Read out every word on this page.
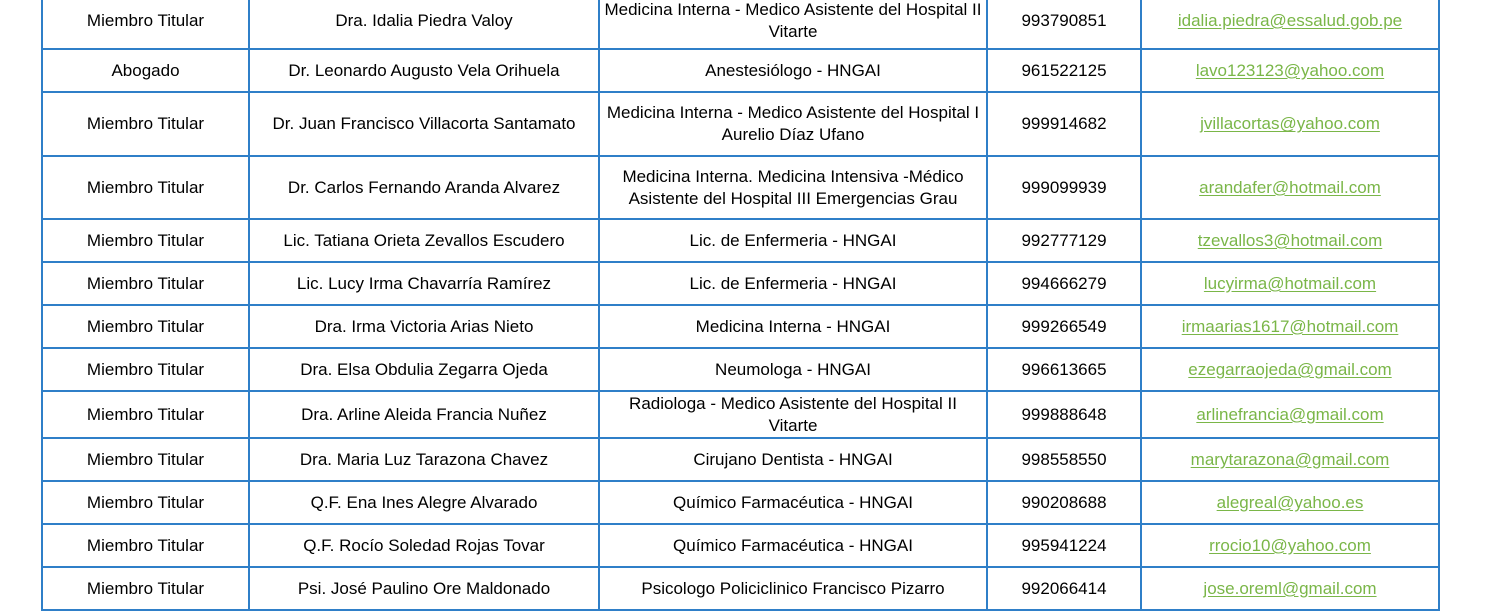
Miembro Titular	Dra. Idalia Piedra Valoy	Medicina Interna - Medico Asistente del Hospital II Vitarte	993790851	idalia.piedra@essalud.gob.pe
Abogado	Dr. Leonardo Augusto Vela Orihuela	Anestesiólogo - HNGAI	961522125	lavo123123@yahoo.com
Miembro Titular	Dr. Juan Francisco Villacorta Santamato	Medicina Interna - Medico Asistente del Hospital I Aurelio Díaz Ufano	999914682	jvillacortas@yahoo.com
Miembro Titular	Dr. Carlos Fernando Aranda Alvarez	Medicina Interna. Medicina Intensiva -Médico Asistente del Hospital III Emergencias Grau	999099939	arandafer@hotmail.com
Miembro Titular	Lic. Tatiana Orieta Zevallos Escudero	Lic. de Enfermeria - HNGAI	992777129	tzevallos3@hotmail.com
Miembro Titular	Lic. Lucy Irma Chavarría Ramírez	Lic. de Enfermeria - HNGAI	994666279	lucyirma@hotmail.com
Miembro Titular	Dra. Irma Victoria Arias Nieto	Medicina Interna - HNGAI	999266549	irmaarias1617@hotmail.com
Miembro Titular	Dra. Elsa Obdulia Zegarra Ojeda	Neumologa - HNGAI	996613665	ezegarraojeda@gmail.com
Miembro Titular	Dra. Arline Aleida Francia Nuñez	Radiologa - Medico Asistente del Hospital II Vitarte	999888648	arlinefrancia@gmail.com
Miembro Titular	Dra. Maria Luz Tarazona Chavez	Cirujano Dentista - HNGAI	998558550	marytarazona@gmail.com
Miembro Titular	Q.F. Ena Ines Alegre Alvarado	Químico Farmacéutica - HNGAI	990208688	alegreal@yahoo.es
Miembro Titular	Q.F. Rocío Soledad Rojas Tovar	Químico Farmacéutica - HNGAI	995941224	rrocio10@yahoo.com
Miembro Titular	Psi. José Paulino Ore Maldonado	Psicologo Policiclinico Francisco Pizarro	992066414	jose.oreml@gmail.com
